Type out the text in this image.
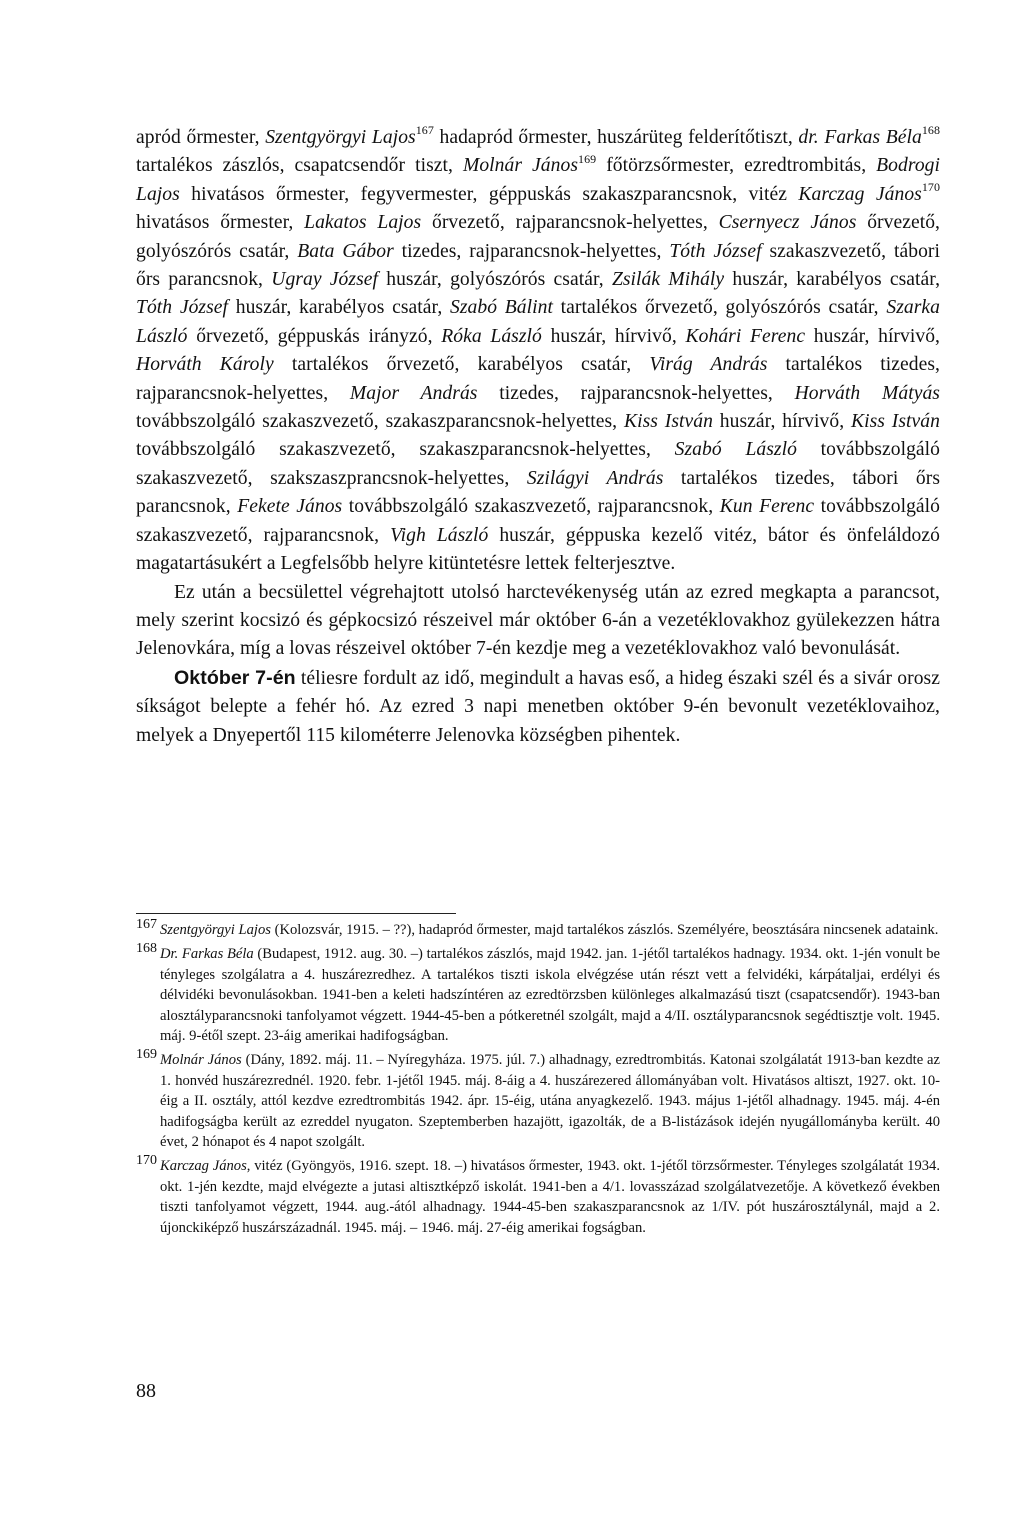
apród őrmester, Szentgyörgyi Lajos$^{167}$ hadapród őrmester, huszárüteg felderítőtiszt, dr. Farkas Béla$^{168}$ tartalékos zászlós, csapatcsendőr tiszt, Molnár János$^{169}$ főtörzsőrmester, ezredtrombitás, Bodrogi Lajos hivatásos őrmester, fegyvermester, géppuskás szakaszparancsnok, vitéz Karczag János$^{170}$ hivatásos őrmester, Lakatos Lajos őrvezető, rajparancsnok-helyettes, Csernyecz János őrvezető, golyószórós csatár, Bata Gábor tizedes, rajparancsnok-helyettes, Tóth József szakaszvezető, tábori őrs parancsnok, Ugray József huszár, golyószórós csatár, Zsilák Mihály huszár, karabélyos csatár, Tóth József huszár, karabélyos csatár, Szabó Bálint tartalékos őrvezető, golyószórós csatár, Szarka László őrvezető, géppuskás irányzó, Róka László huszár, hírvivő, Kohári Ferenc huszár, hírvivő, Horváth Károly tartalékos őrvezető, karabélyos csatár, Virág András tartalékos tizedes, rajparancsnok-helyettes, Major András tizedes, rajparancsnok-helyettes, Horváth Mátyás továbbszolgáló szakaszvezető, szakaszparancsnok-helyettes, Kiss István huszár, hírvivő, Kiss István továbbszolgáló szakaszvezető, szakaszparancsnok-helyettes, Szabó László továbbszolgáló szakaszvezető, szakszaszprancsnok-helyettes, Szilágyi András tartalékos tizedes, tábori őrs parancsnok, Fekete János továbbszolgáló szakaszvezető, rajparancsnok, Kun Ferenc továbbszolgáló szakaszvezető, rajparancsnok, Vigh László huszár, géppuska kezelő vitéz, bátor és önfeláldozó magatartásukért a Legfelsőbb helyre kitüntetésre lettek felterjesztve.

Ez után a becsülettel végrehajtott utolsó harctevékenység után az ezred megkapta a parancsot, mely szerint kocsizó és gépkocsizó részeivel már október 6-án a vezetéklovakhoz gyülekezzen hátra Jelenovkára, míg a lovas részeivel október 7-én kezdje meg a vezetéklovakhoz való bevonulását.

Október 7-én téliesre fordult az idő, megindult a havas eső, a hideg északi szél és a sivár orosz síkságot belepte a fehér hó. Az ezred 3 napi menetben október 9-én bevonult vezetéklovaihoz, melyek a Dnyepertől 115 kilométerre Jelenovka községben pihentek.

167 Szentgyörgyi Lajos (Kolozsvár, 1915. – ??), hadapród őrmester, majd tartalékos zászlós. Személyére, beosztására nincsenek adataink.
168 Dr. Farkas Béla (Budapest, 1912. aug. 30. –) tartalékos zászlós, majd 1942. jan. 1-jétől tartalékos hadnagy. 1934. okt. 1-jén vonult be tényleges szolgálatra a 4. huszárezredhez. A tartalékos tiszti iskola elvégzése után részt vett a felvidéki, kárpátaljai, erdélyi és délvidéki bevonulásokban. 1941-ben a keleti hadszíntéren az ezredtörzsben különleges alkalmazású tiszt (csapatcsendőr). 1943-ban alosztályparancsnoki tanfolyamot végzett. 1944-45-ben a pótkeretnél szolgált, majd a 4/II. osztályparancsnok segédtisztje volt. 1945. máj. 9-étől szept. 23-áig amerikai hadifogságban.
169 Molnár János (Dány, 1892. máj. 11. – Nyíregyháza. 1975. júl. 7.) alhadnagy, ezredtrombitás. Katonai szolgálatát 1913-ban kezdte az 1. honvéd huszárezrednél. 1920. febr. 1-jétől 1945. máj. 8-áig a 4. huszárezered állományában volt. Hivatásos altiszt, 1927. okt. 10-éig a II. osztály, attól kezdve ezredtrombitás 1942. ápr. 15-éig, utána anyagkezelő. 1943. május 1-jétől alhadnagy. 1945. máj. 4-én hadifogságba került az ezreddel nyugaton. Szeptemberben hazajött, igazolták, de a B-listázások idején nyugállományba került. 40 évet, 2 hónapot és 4 napot szolgált.
170 Karczag János, vitéz (Gyöngyös, 1916. szept. 18. –) hivatásos őrmester, 1943. okt. 1-jétől törzsőrmester. Tényleges szolgálatát 1934. okt. 1-jén kezdte, majd elvégezte a jutasi altisztképző iskolát. 1941-ben a 4/1. lovasszázad szolgálatvezetője. A következő években tiszti tanfolyamot végzett, 1944. aug.-ától alhadnagy. 1944-45-ben szakaszparancsnok az 1/IV. pót huszárosztálynál, majd a 2. újonckiképző huszárszázadnál. 1945. máj. – 1946. máj. 27-éig amerikai fogságban.
88
